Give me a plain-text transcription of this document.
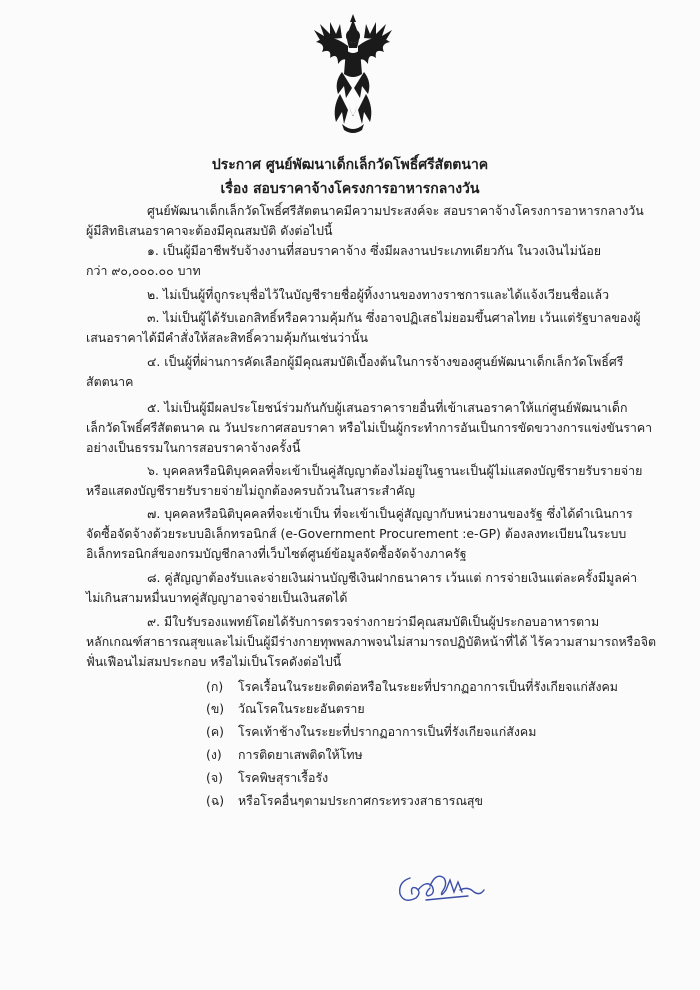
ประกาศ ศูนย์พัฒนาเด็กเล็กวัดโพธิ์ศรีสัตตนาค
เรื่อง สอบราคาจ้างโครงการอาหารกลางวัน
ศูนย์พัฒนาเด็กเล็กวัดโพธิ์ศรีสัตตนาคมีความประสงค์จะ สอบราคาจ้างโครงการอาหารกลางวัน
ผู้มีสิทธิเสนอราคาจะต้องมีคุณสมบัติ ดังต่อไปนี้
๑. เป็นผู้มีอาชีพรับจ้างงานที่สอบราคาจ้าง ซึ่งมีผลงานประเภทเดียวกัน ในวงเงินไม่น้อย
กว่า ๙๐,๐๐๐.๐๐ บาท
๒. ไม่เป็นผู้ที่ถูกระบุชื่อไว้ในบัญชีรายชื่อผู้ทิ้งงานของทางราชการและได้แจ้งเวียนชื่อแล้ว
๓. ไม่เป็นผู้ได้รับเอกสิทธิ์หรือความคุ้มกัน ซึ่งอาจปฏิเสธไม่ยอมขึ้นศาลไทย เว้นแต่รัฐบาลของผู้
เสนอราคาได้มีคำสั่งให้สละสิทธิ์ความคุ้มกันเช่นว่านั้น
๔. เป็นผู้ที่ผ่านการคัดเลือกผู้มีคุณสมบัติเบื้องต้นในการจ้างของศูนย์พัฒนาเด็กเล็กวัดโพธิ์ศรี
สัตตนาค
๕. ไม่เป็นผู้มีผลประโยชน์ร่วมกันกับผู้เสนอราคารายอื่นที่เข้าเสนอราคาให้แก่ศูนย์พัฒนาเด็ก
เล็กวัดโพธิ์ศรีสัตตนาค ณ วันประกาศสอบราคา หรือไม่เป็นผู้กระทำการอันเป็นการขัดขวางการแข่งขันราคา
อย่างเป็นธรรมในการสอบราคาจ้างครั้งนี้
๖. บุคคลหรือนิติบุคคลที่จะเข้าเป็นคู่สัญญาต้องไม่อยู่ในฐานะเป็นผู้ไม่แสดงบัญชีรายรับรายจ่าย
หรือแสดงบัญชีรายรับรายจ่ายไม่ถูกต้องครบถ้วนในสาระสำคัญ
๗. บุคคลหรือนิติบุคคลที่จะเข้าเป็น ที่จะเข้าเป็นคู่สัญญากับหน่วยงานของรัฐ ซึ่งได้ดำเนินการ
จัดซื้อจัดจ้างด้วยระบบอิเล็กทรอนิกส์ (e-Government Procurement :e-GP) ต้องลงทะเบียนในระบบ
อิเล็กทรอนิกส์ของกรมบัญชีกลางที่เว็บไซต์ศูนย์ข้อมูลจัดซื้อจัดจ้างภาครัฐ
๘. คู่สัญญาต้องรับและจ่ายเงินผ่านบัญชีเงินฝากธนาคาร เว้นแต่ การจ่ายเงินแต่ละครั้งมีมูลค่า
ไม่เกินสามหมื่นบาทคู่สัญญาอาจจ่ายเป็นเงินสดได้
๙. มีใบรับรองแพทย์โดยได้รับการตรวจร่างกายว่ามีคุณสมบัติเป็นผู้ประกอบอาหารตาม
หลักเกณฑ์สาธารณสุขและไม่เป็นผู้มีร่างกายทุพพลภาพจนไม่สามารถปฏิบัติหน้าที่ได้ ไร้ความสามารถหรือจิต
ฟั่นเฟือนไม่สมประกอบ หรือไม่เป็นโรคดังต่อไปนี้
(ก) โรคเรื้อนในระยะติดต่อหรือในระยะที่ปรากฏอาการเป็นที่รังเกียจแก่สังคม
(ข) วัณโรคในระยะอันตราย
(ค) โรคเท้าช้างในระยะที่ปรากฏอาการเป็นที่รังเกียจแก่สังคม
(ง) การติดยาเสพติดให้โทษ
(จ) โรคพิษสุราเรื้อรัง
(ฉ) หรือโรคอื่นๆตามประกาศกระทรวงสาธารณสุข
